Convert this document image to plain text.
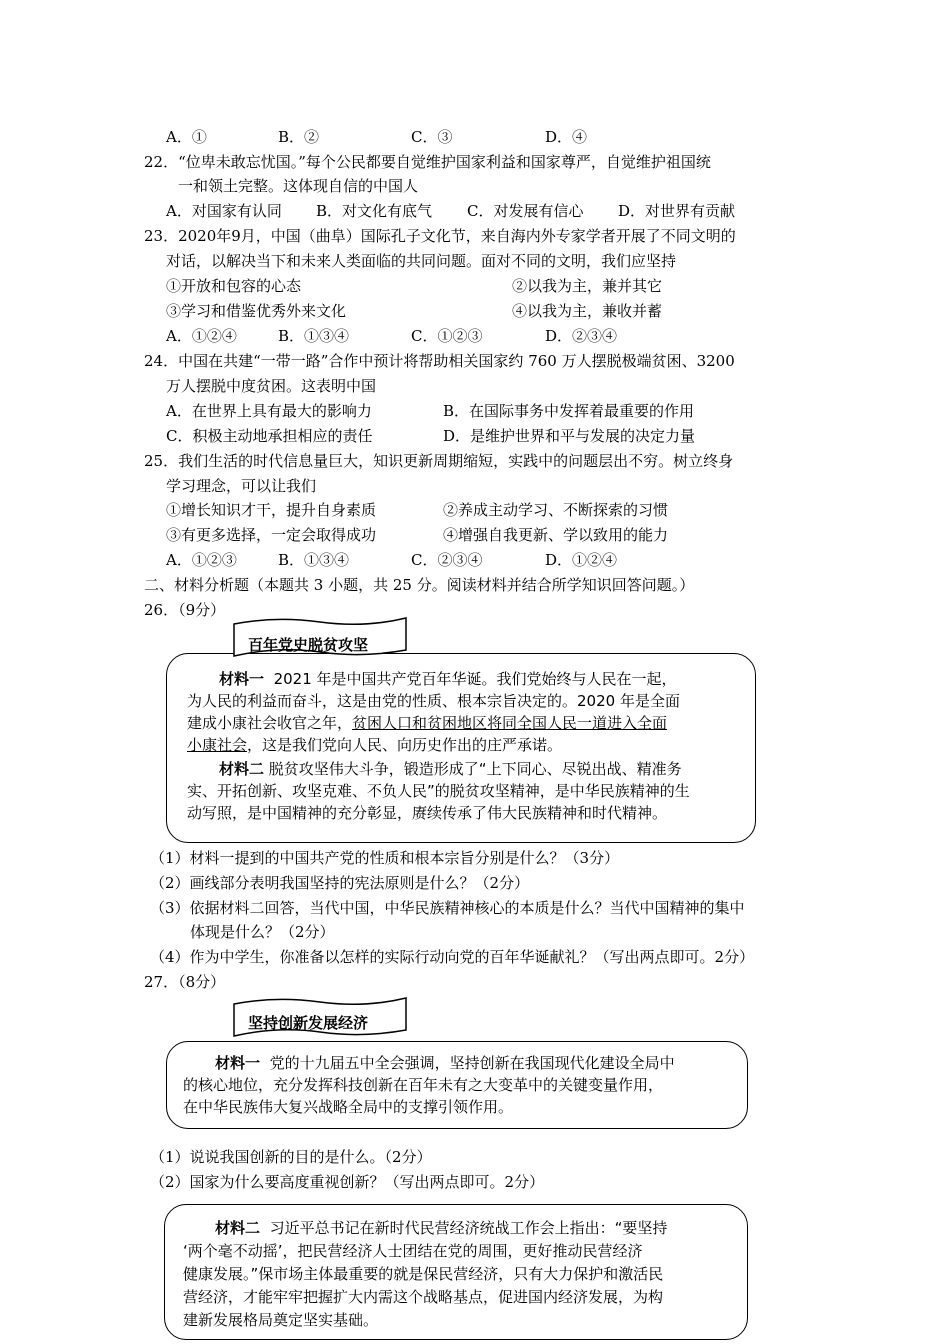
A．①	B．②	C．③	D．④
22．“位卑未敢忘忧国。”每个公民都要自觉维护国家利益和国家尊严，自觉维护祖国统
一和领土完整。这体现自信的中国人
A．对国家有认同 B．对文化有底气 C．对发展有信心 D．对世界有贡献
23．2020年9月，中国（曲阜）国际孔子文化节，来自海内外专家学者开展了不同文明的
对话，以解决当下和未来人类面临的共同问题。面对不同的文明，我们应坚持
①开放和包容的心态	②以我为主，兼并其它
③学习和借鉴优秀外来文化	④以我为主，兼收并蓄
A．①②④	B．①③④	C．①②③	D．②③④
24．中国在共建“一带一路”合作中预计将帮助相关国家约 760 万人摆脱极端贫困、3200
万人摆脱中度贫困。这表明中国
A．在世界上具有最大的影响力	B．在国际事务中发挥着最重要的作用
C．积极主动地承担相应的责任	D．是维护世界和平与发展的决定力量
25．我们生活的时代信息量巨大，知识更新周期缩短，实践中的问题层出不穷。树立终身
学习理念，可以让我们
①增长知识才干，提升自身素质	②养成主动学习、不断探索的习惯
③有更多选择，一定会取得成功	④增强自我更新、学以致用的能力
A．①②③	B．①③④	C．②③④	D．①②④
二、材料分析题（本题共 3 小题，共 25 分。阅读材料并结合所学知识回答问题。）
26．（9分）
材料一 2021 年是中国共产党百年华诞。我们党始终与人民在一起，
为人民的利益而奋斗，这是由党的性质、根本宗旨决定的。2020 年是全面
建成小康社会收官之年，贫困人口和贫困地区将同全国人民一道进入全面
小康社会，这是我们党向人民、向历史作出的庄严承诺。
材料二 脱贫攻坚伟大斗争，锻造形成了“上下同心、尽锐出战、精准务
实、开拓创新、攻坚克难、不负人民”的脱贫攻坚精神，是中华民族精神的生
动写照，是中国精神的充分彰显，赓续传承了伟大民族精神和时代精神。
百年党史脱贫攻坚
（1）材料一提到的中国共产党的性质和根本宗旨分别是什么？（3分）
（2）画线部分表明我国坚持的宪法原则是什么？（2分）
（3）依据材料二回答，当代中国，中华民族精神核心的本质是什么？当代中国精神的集中
体现是什么？（2分）
（4）作为中学生，你准备以怎样的实际行动向党的百年华诞献礼？（写出两点即可。2分）
27．（8分）
材料一 党的十九届五中全会强调，坚持创新在我国现代化建设全局中
的核心地位，充分发挥科技创新在百年未有之大变革中的关键变量作用，
在中华民族伟大复兴战略全局中的支撑引领作用。
坚持创新发展经济
（1）说说我国创新的目的是什么。（2分）
（2）国家为什么要高度重视创新？（写出两点即可。2分）
材料二 习近平总书记在新时代民营经济统战工作会上指出：“要坚持
‘两个毫不动摇’，把民营经济人士团结在党的周围，更好推动民营经济
健康发展。”保市场主体最重要的就是保民营经济，只有大力保护和激活民
营经济，才能牢牢把握扩大内需这个战略基点，促进国内经济发展，为构
建新发展格局奠定坚实基础。
